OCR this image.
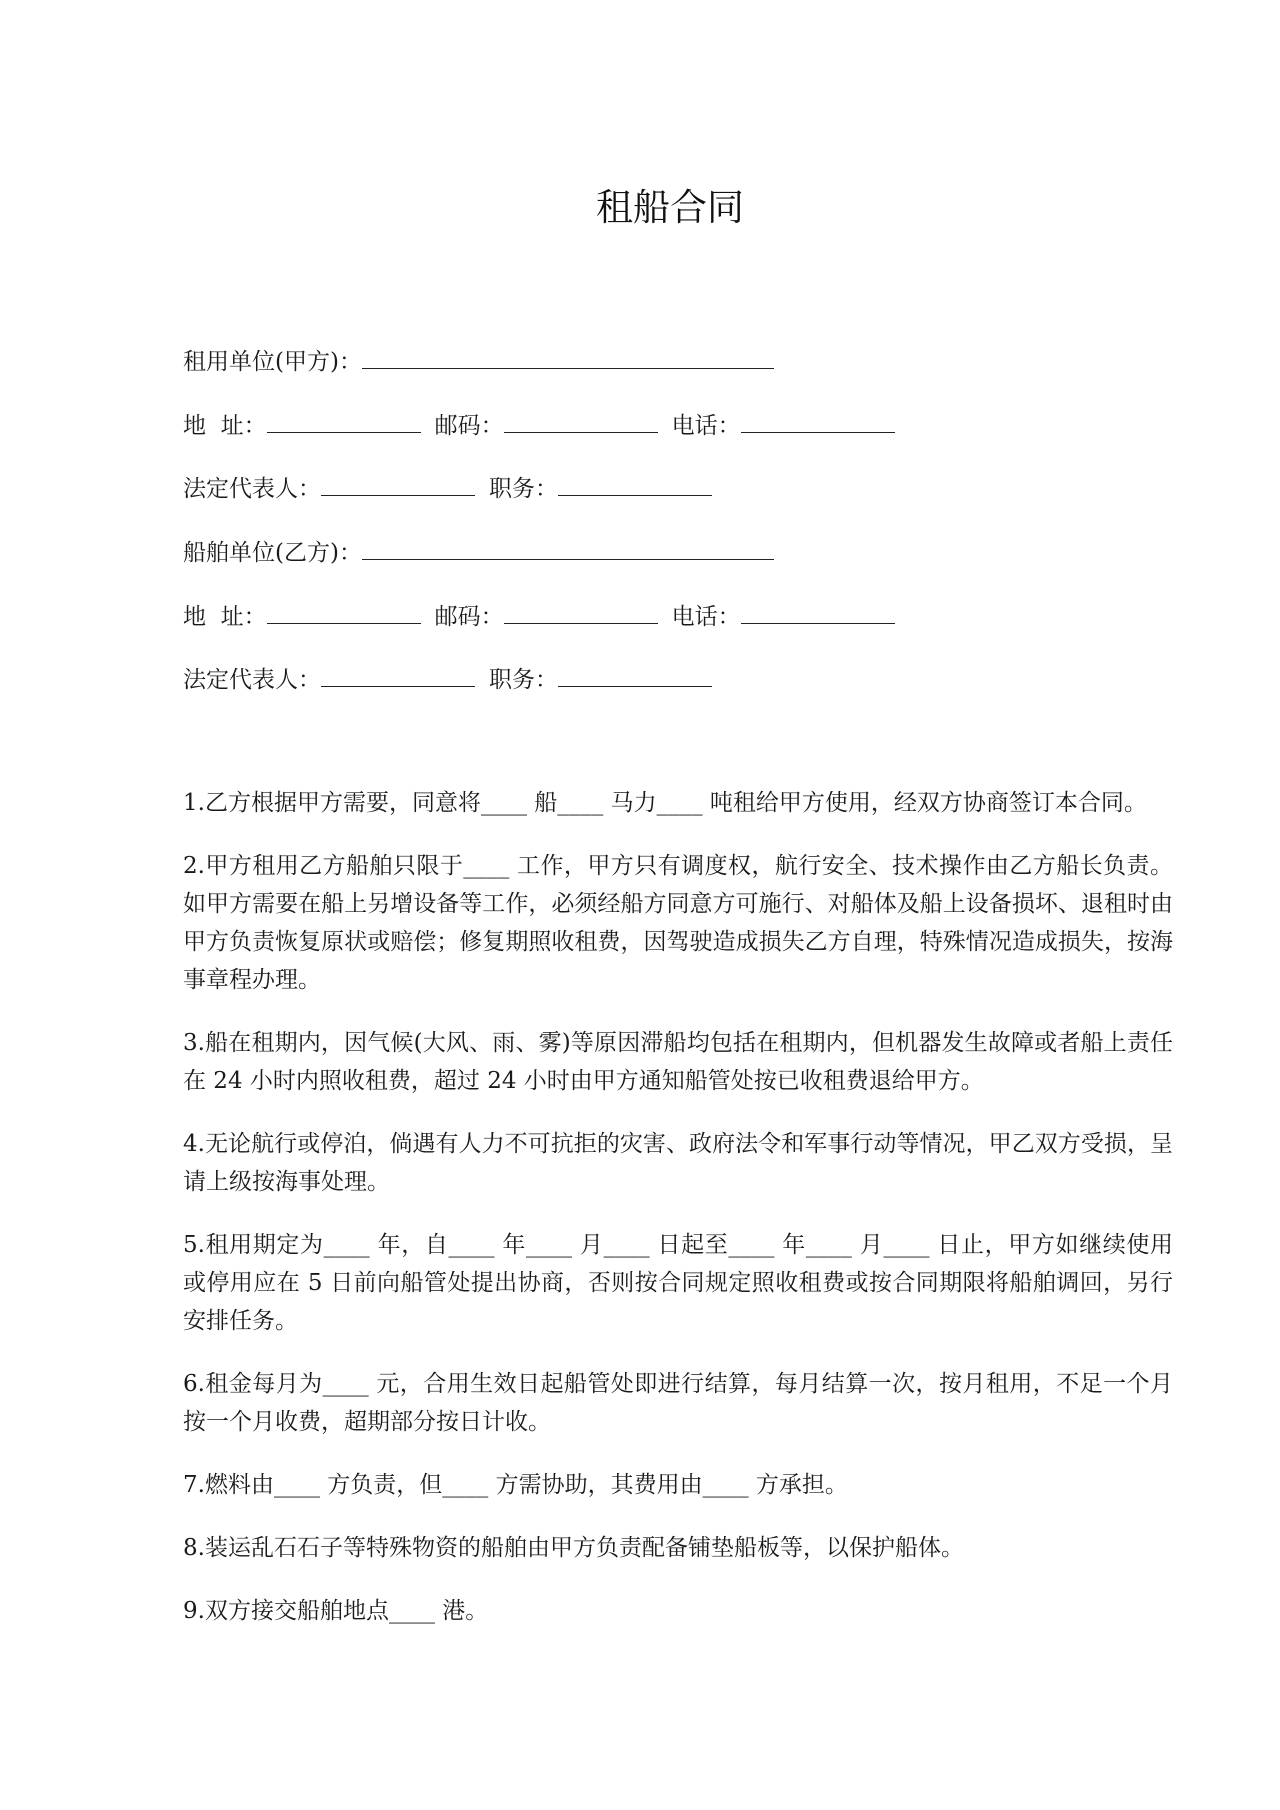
租船合同
租用单位(甲方)：
地  址：	邮码：	电话：
法定代表人：	职务：
船舶单位(乙方)：
地  址：	邮码：	电话：
法定代表人：	职务：

1.乙方根据甲方需要，同意将____ 船____ 马力____ 吨租给甲方使用，经双方协商签订本合同。

2.甲方租用乙方船舶只限于____ 工作，甲方只有调度权，航行安全、技术操作由乙方船长负责。如甲方需要在船上另增设备等工作，必须经船方同意方可施行、对船体及船上设备损坏、退租时由甲方负责恢复原状或赔偿；修复期照收租费，因驾驶造成损失乙方自理，特殊情况造成损失，按海事章程办理。

3.船在租期内，因气候(大风、雨、雾)等原因滞船均包括在租期内，但机器发生故障或者船上责任在 24 小时内照收租费，超过 24 小时由甲方通知船管处按已收租费退给甲方。

4.无论航行或停泊，倘遇有人力不可抗拒的灾害、政府法令和军事行动等情况，甲乙双方受损，呈请上级按海事处理。

5.租用期定为____ 年，自____ 年____ 月____ 日起至____ 年____ 月____ 日止，甲方如继续使用或停用应在 5 日前向船管处提出协商，否则按合同规定照收租费或按合同期限将船舶调回，另行安排任务。

6.租金每月为____ 元，合用生效日起船管处即进行结算，每月结算一次，按月租用，不足一个月按一个月收费，超期部分按日计收。

7.燃料由____ 方负责，但____ 方需协助，其费用由____ 方承担。

8.装运乱石石子等特殊物资的船舶由甲方负责配备铺垫船板等，以保护船体。

9.双方接交船舶地点____ 港。
